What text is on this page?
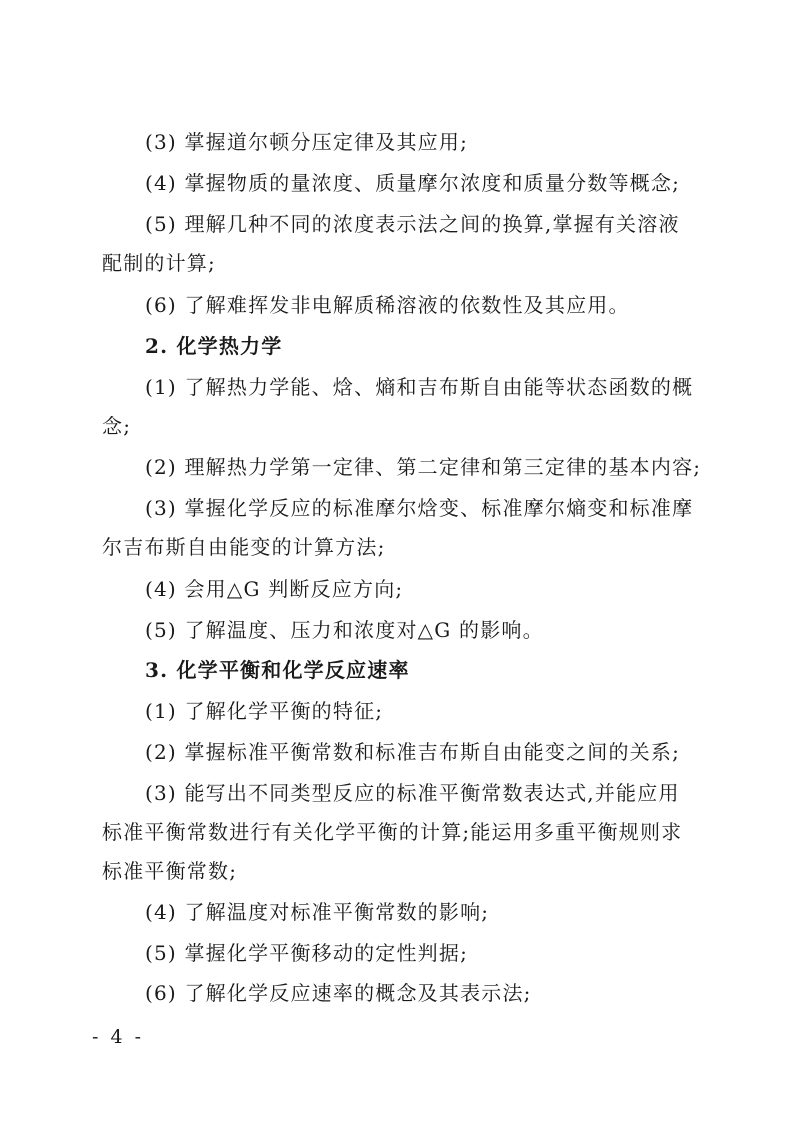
(3) 掌握道尔顿分压定律及其应用;
(4) 掌握物质的量浓度、质量摩尔浓度和质量分数等概念;
(5) 理解几种不同的浓度表示法之间的换算,掌握有关溶液
配制的计算;
(6) 了解难挥发非电解质稀溶液的依数性及其应用。
2. 化学热力学
(1) 了解热力学能、焓、熵和吉布斯自由能等状态函数的概
念;
(2) 理解热力学第一定律、第二定律和第三定律的基本内容;
(3) 掌握化学反应的标准摩尔焓变、标准摩尔熵变和标准摩
尔吉布斯自由能变的计算方法;
(4) 会用△G 判断反应方向;
(5) 了解温度、压力和浓度对△G 的影响。
3. 化学平衡和化学反应速率
(1) 了解化学平衡的特征;
(2) 掌握标准平衡常数和标准吉布斯自由能变之间的关系;
(3) 能写出不同类型反应的标准平衡常数表达式,并能应用
标准平衡常数进行有关化学平衡的计算;能运用多重平衡规则求
标准平衡常数;
(4) 了解温度对标准平衡常数的影响;
(5) 掌握化学平衡移动的定性判据;
(6) 了解化学反应速率的概念及其表示法;
- 4 -
